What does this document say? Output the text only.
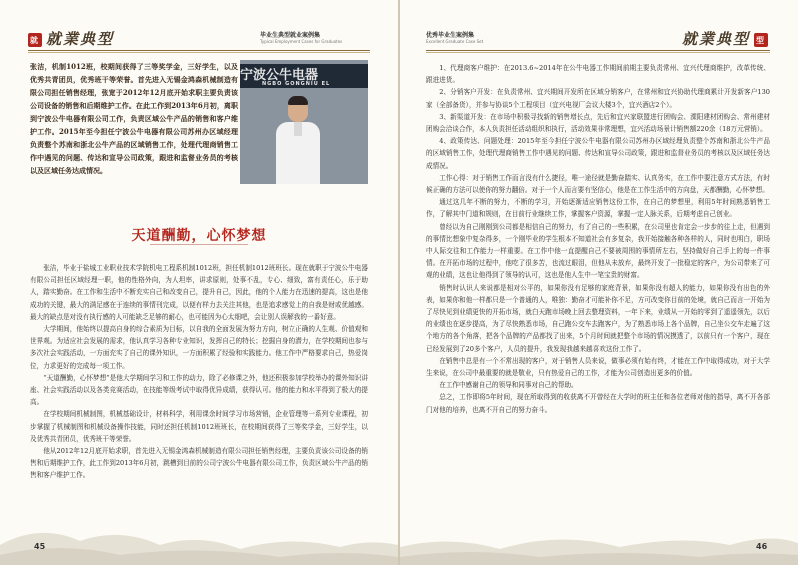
就 就業典型	毕业生典型就业案例集
Typical Employment Cases for Graduates
张洁，机制1012班，校期间获得了三等奖学金，三好学生，以及优秀共青团员，优秀班干等荣誉。首先进入无锡金鸿森机械制造有限公司担任销售经理，张宽于2012年12月底开始求职主要负责该公司设备的销售和后期维护工作。在此工作到2013年6月初，离职到宁波公牛电器有限公司工作，负责区域公牛产品的销售和客户维护工作。2015年至今担任宁波公牛电器有限公司苏州办区域经理负责整个苏南和浙北公牛产品的区域销售工作，处理代理商销售工作中遇见的问题、传达和宣导公司政策，跟进和监督业务员的考核以及区域任务达成情况。
宁波公牛电器
NGBO GONGNIU EL
天道酬勤，心怀梦想

张洁，毕业于盐城工业职业技术学院机电工程系机制1012班，担任机制1012班班长。现在就职于宁波公牛电器有限公司担任区域经理一职，他的性格外向，为人坦率，讲求原则，处事不乱，专心、细致，富有责任心，乐于助人，踏实勤奋。在工作和生活中不断充实自己和改变自己，提升自己，因此，他的个人能力在迅速的提高，这也是他成功的关键，最大的满足感在于连续的事情刊完成，以便有样力去关注其他，也是追求感觉上的自我是财或优越感。最大的缺点是对没有执行感的人可能缺乏足够的耐心，也可能因为心太细吧，会让别人误解我的一番好意。

大学期间，他始终以提高自身的综合素质为目标，以自我的全面发展为努力方向，树立正确的人生观、价值观和世界观。为适应社会发展的需求，他认真学习各种专业知识，发挥自己的特长；挖掘自身的潜力，在学校期间也参与多次社会实践活动，一方面充实了自己的课外知识，一方面积累了经验和实践能力。他工作中严格要求自己，热爱岗位，力求更好的完成每一项工作。

“天道酬勤，心怀梦想”是他大学期间学习和工作的动力，除了必修课之外，他还积极参加学校举办的课外知识讲座、社会实践活动以及各类竞赛活动，在技能等级考试中取得优异成绩，获得认可。他的能力和水平得到了极大的提高。

在学校期间机械制图，机械基础设计，材料科学，利用课余时间学习市场营销，企业管理等一系列专业课程，初步掌握了机械制图和机械设备操作技能，同时还担任机制1012班班长，在校期间获得了三等奖学金，三好学生，以及优秀共青团员，优秀班干等荣誉。

他从2012年12月底开始求职，首先进入无锡金鸿森机械制造有限公司担任销售经理，主要负责该公司设备的销售和后期维护工作，此工作到2013年6月初，跳槽到目前的公司宁波公牛电器有限公司工作，负责区域公牛产品的销售和客户维护工作。

45
优秀毕业生案例集
Excellent Graduate Case Set	就業典型 型

1、代理商客户维护：在2013.6~2014年在公牛电器工作期间前期主要负责常州、宜兴代理商维护，改革传统、跟进进货。

2、分销客户开发：在负责常州、宜兴期间开发所在区域分销客户，在常州和宜兴协助代理商累计开发新客户130家（全部备货），并参与协谈5个工程项目（宜兴电视厂会议大楼3个，宜兴酒店2个）。

3、新渠道开发：在市场中积极寻找新的销售增长点，先后和宜兴家联盟进行团购会、溧阳建材团购会、常州建材团购会洽谈合作，本人负责担任活动组织和执行，活动效果非常理想，宜兴活动场景计销售额220余（18万元营销）。

4、政策传达、问题处理：2015年至今担任宁波公牛电器有限公司苏州办区域经理负责整个苏南和浙北公牛产品的区域销售工作，处理代理商销售工作中遇见的问题、传达和宣导公司政策，跟进和监督业务员的考核以及区域任务达成情况。

工作心得：对于销售工作而言没有什么捷径，唯一途径就是勤奋踏实、认真务实，在工作中要注意方式方法，有时候正确的方法可以使你的努力翻倍。对于一个人而言要有坚信心，他是在工作生活中的方向盘，天都酬勤，心怀梦想。

通过这几年不断的努力，不断的学习，开始逐渐适应销售这份工作，在自己的梦想里，利用5年时间熟悉销售工作，了解其中门道和规则，在目前行业继续工作，掌握客户资源，掌握一定人脉关系，后期考虑自己创业。

曾经以为自己刚刚到公司都是相信自己的努力，有了自己的一些积累，在公司里也肯定会一步步的往上走，但遇到的事情比想象中复杂得多，一个刚毕业的学生根本不知道社会有多复杂，我开始接触各种各样的人，同时也明白，职场中人际交往和工作能力一样重要。在工作中他一直提醒自己不要被周围的事情所左右，坚持做好自己手上的每一件事情。在开拓市场的过程中，他吃了很多苦，也流过眼泪，但他从未放弃，最终开发了一批稳定的客户，为公司带来了可观的业绩，这也让他得到了领导的认可，这也是他人生中一笔宝贵的财富。

销售时认识人来说都是相对公平的，如果你没有足够的家庭背景，如果你没有超人的能力，如果你没有出色的外表，如果你和他一样都只是一个普通的人，唯独：勤奋才可能补你不足，方可改变你目前的处境，就自己而言一开始为了尽快见到业绩更快的开拓市场，就白天跑市场晚上回去整理资料，一年下来，业绩从一开始的零到了遥遥领先，以后的业绩也在逐步提高，为了尽快熟悉市场，自己跑公交车去跑客户，为了熟悉市场上各个品牌，自己坐公交车走遍了这个地方的各个角落，把各个品牌的产品都找了出来，5个月时间就把整个市场的情况摸透了，以前只有一个客户，现在已经发展到了20多个客户，人员的提升，我发现我越来越喜欢这份工作了。

在销售中总是有一个不常出现的客户，对于销售人员来说，做事必须有始有终，才能在工作中取得成功，对于大学生来说，在公司中最重要的就是敬业，只有热爱自己的工作，才能为公司创造出更多的价值。

在工作中感谢自己的领导和同事对自己的帮助。

总之，工作即将5年时间，现在所取得到的收获离不开曾经在大学时的班主任和各位老师对他的指导，离不开各部门对他的培养，也离不开自己的努力奋斗。

46
